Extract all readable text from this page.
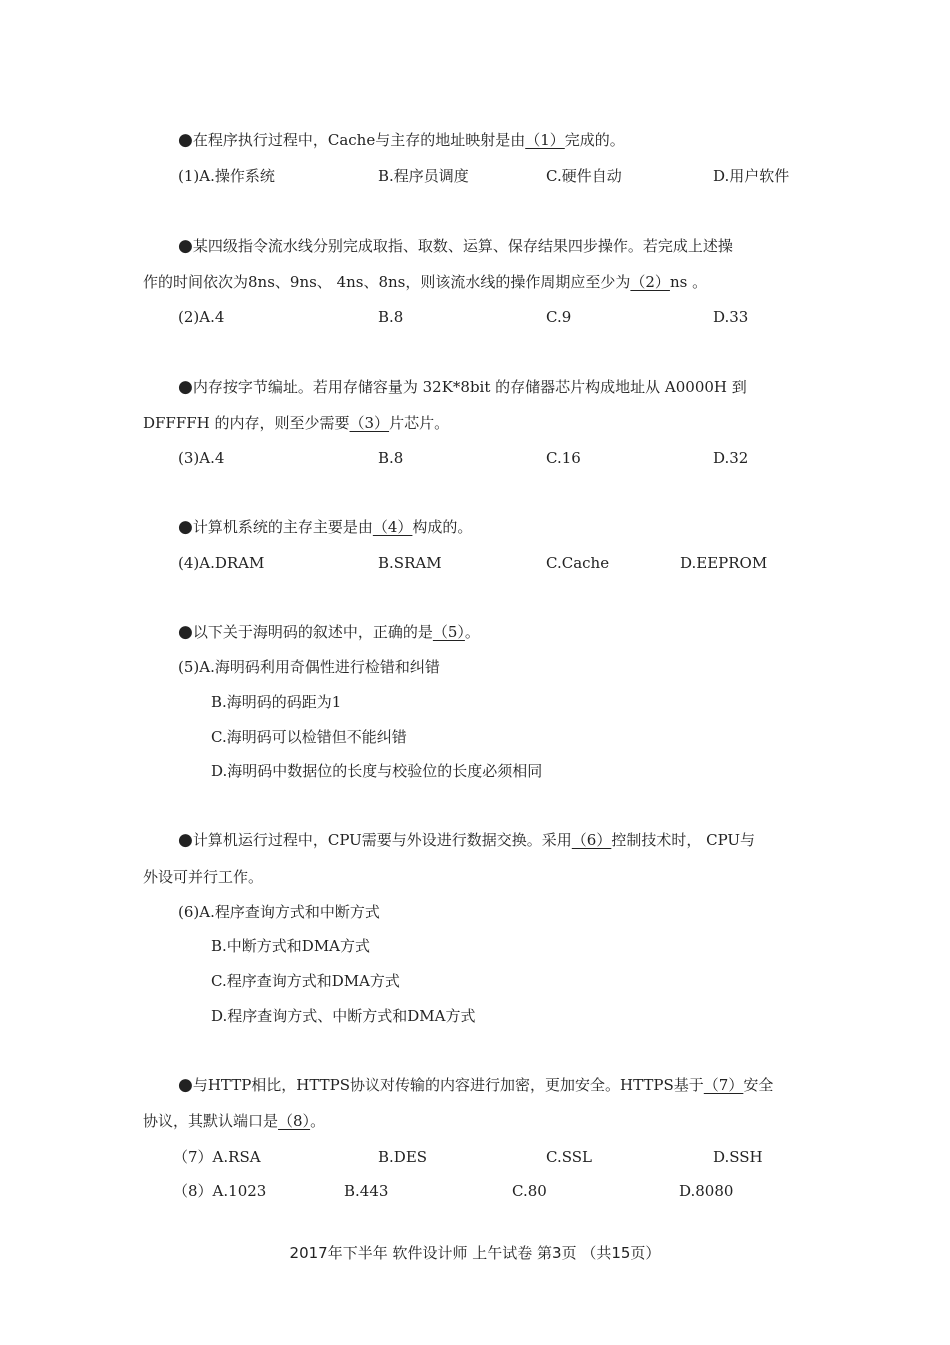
●在程序执行过程中，Cache与主存的地址映射是由（1）完成的。
(1)A.操作系统	B.程序员调度	C.硬件自动	D.用户软件
●某四级指令流水线分别完成取指、取数、运算、保存结果四步操作。若完成上述操
作的时间依次为8ns、9ns、 4ns、8ns，则该流水线的操作周期应至少为（2）ns 。
(2)A.4	B.8	C.9	D.33
●内存按字节编址。若用存储容量为 32K*8bit 的存储器芯片构成地址从 A0000H 到
DFFFFH 的内存，则至少需要（3）片芯片。
(3)A.4	B.8	C.16	D.32
●计算机系统的主存主要是由（4）构成的。
(4)A.DRAM	B.SRAM	C.Cache	D.EEPROM
●以下关于海明码的叙述中，正确的是（5）。
(5)A.海明码利用奇偶性进行检错和纠错
B.海明码的码距为1
C.海明码可以检错但不能纠错
D.海明码中数据位的长度与校验位的长度必须相同
●计算机运行过程中，CPU需要与外设进行数据交换。采用（6）控制技术时， CPU与
外设可并行工作。
(6)A.程序查询方式和中断方式
B.中断方式和DMA方式
C.程序查询方式和DMA方式
D.程序查询方式、中断方式和DMA方式
●与HTTP相比，HTTPS协议对传输的内容进行加密，更加安全。HTTPS基于（7）安全
协议，其默认端口是（8）。
（7）A.RSA	B.DES	C.SSL	D.SSH
（8）A.1023	B.443	C.80	D.8080
2017年下半年 软件设计师 上午试卷 第3页 （共15页）
